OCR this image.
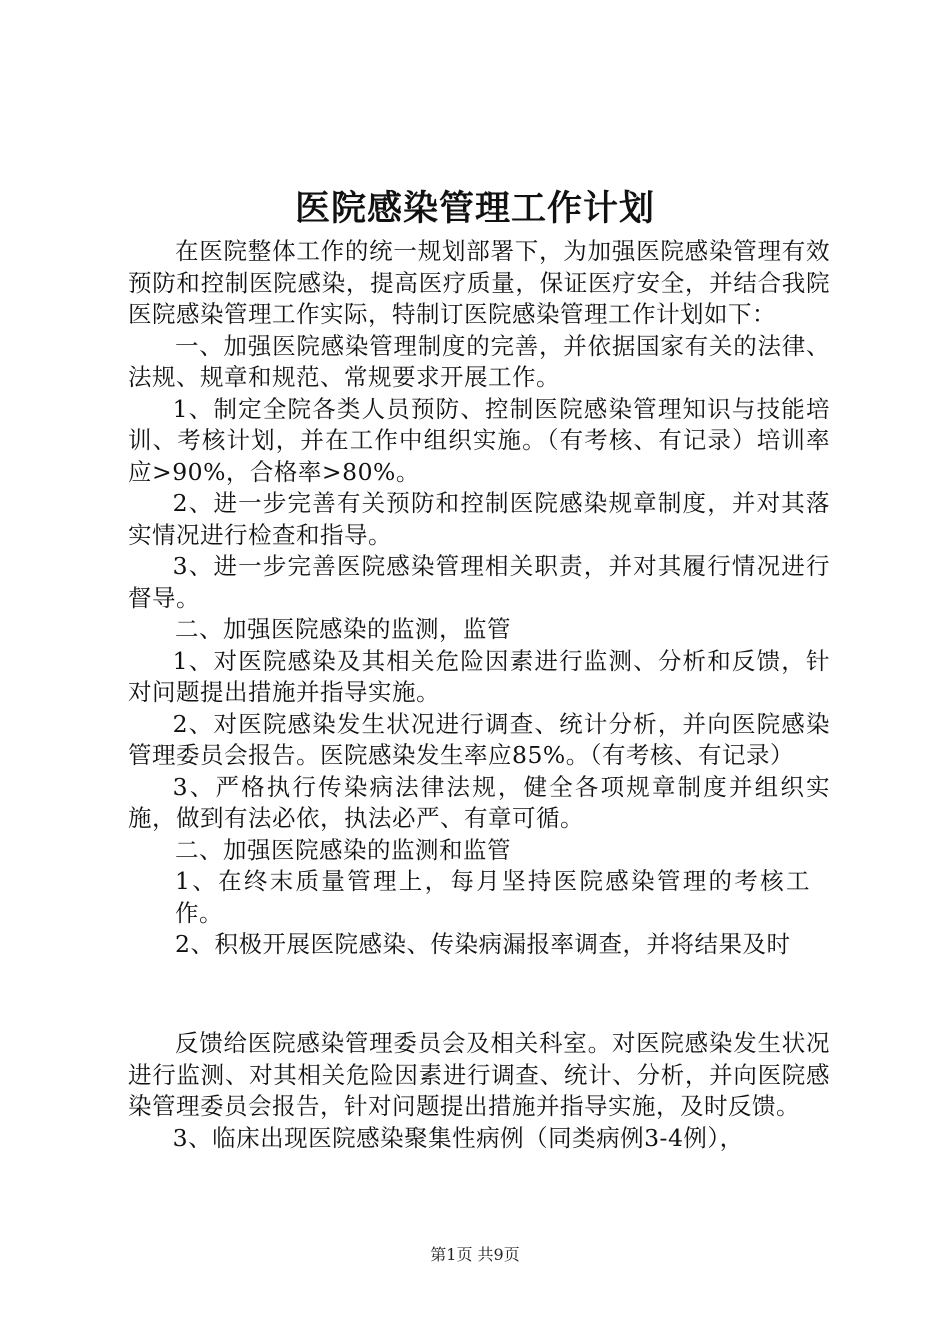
医院感染管理工作计划

在医院整体工作的统一规划部署下，为加强医院感染管理有效预防和控制医院感染，提高医疗质量，保证医疗安全，并结合我院医院感染管理工作实际，特制订医院感染管理工作计划如下：

一、加强医院感染管理制度的完善，并依据国家有关的法律、法规、规章和规范、常规要求开展工作。

1、制定全院各类人员预防、控制医院感染管理知识与技能培训、考核计划，并在工作中组织实施。（有考核、有记录）培训率应>90%，合格率>80%。

2、进一步完善有关预防和控制医院感染规章制度，并对其落实情况进行检查和指导。

3、进一步完善医院感染管理相关职责，并对其履行情况进行督导。

二、加强医院感染的监测，监管

1、对医院感染及其相关危险因素进行监测、分析和反馈，针对问题提出措施并指导实施。

2、对医院感染发生状况进行调查、统计分析，并向医院感染管理委员会报告。医院感染发生率应85%。（有考核、有记录）

3、严格执行传染病法律法规，健全各项规章制度并组织实施，做到有法必依，执法必严、有章可循。

二、加强医院感染的监测和监管

1、在终末质量管理上，每月坚持医院感染管理的考核工作。

2、积极开展医院感染、传染病漏报率调查，并将结果及时

反馈给医院感染管理委员会及相关科室。对医院感染发生状况进行监测、对其相关危险因素进行调查、统计、分析，并向医院感染管理委员会报告，针对问题提出措施并指导实施，及时反馈。

3、临床出现医院感染聚集性病例（同类病例3-4例），

第1页 共9页
